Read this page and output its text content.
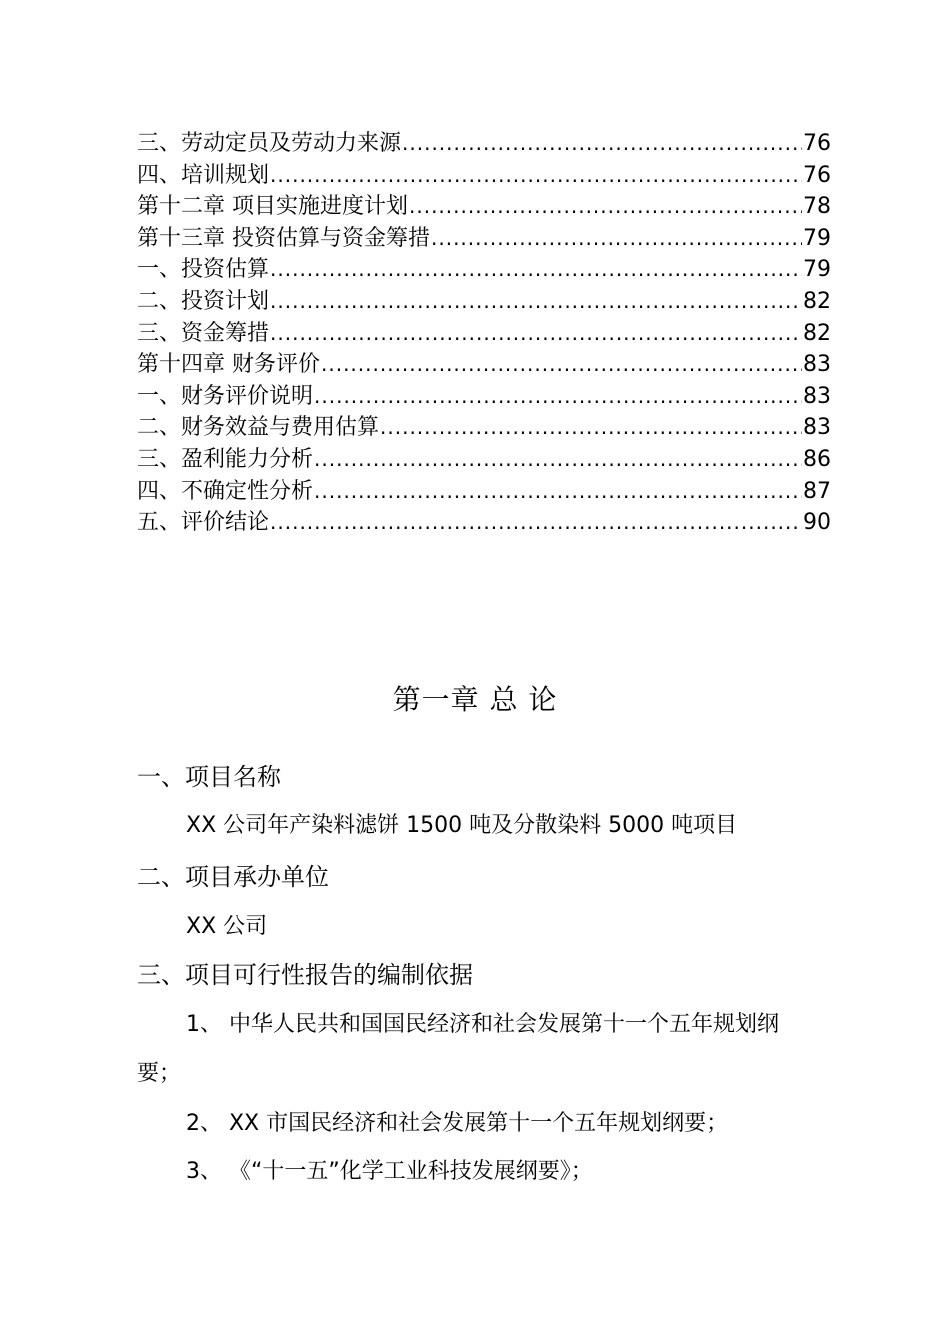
三、劳动定员及劳动力来源 .....	76
四、培训规划 .....	76
第十二章 项目实施进度计划 .....	78
第十三章 投资估算与资金筹措 .....	79
一、投资估算 .....	79
二、投资计划 .....	82
三、资金筹措 .....	82
第十四章 财务评价 .....	83
一、财务评价说明 .....	83
二、财务效益与费用估算 .....	83
三、盈利能力分析 .....	86
四、不确定性分析 .....	87
五、评价结论 .....	90
第一章 总 论
一、项目名称
XX 公司年产染料滤饼 1500 吨及分散染料 5000 吨项目
二、项目承办单位
XX 公司
三、项目可行性报告的编制依据
1、 中华人民共和国国民经济和社会发展第十一个五年规划纲
要；
2、 XX 市国民经济和社会发展第十一个五年规划纲要；
3、 《“十一五”化学工业科技发展纲要》；
